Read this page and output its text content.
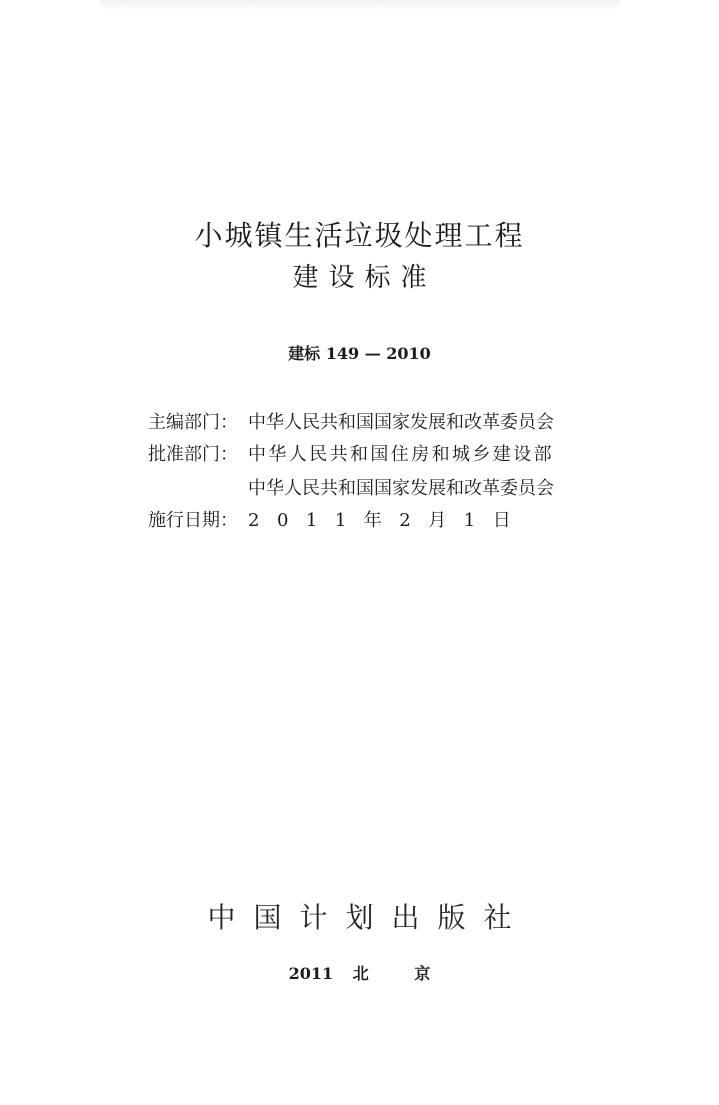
小城镇生活垃圾处理工程
建设标准
建标 149 — 2010
主编部门： 中华人民共和国国家发展和改革委员会
批准部门： 中华人民共和国住房和城乡建设部
中华人民共和国国家发展和改革委员会
施行日期： 2011年2月1日
中国计划出版社
2011 北	京
